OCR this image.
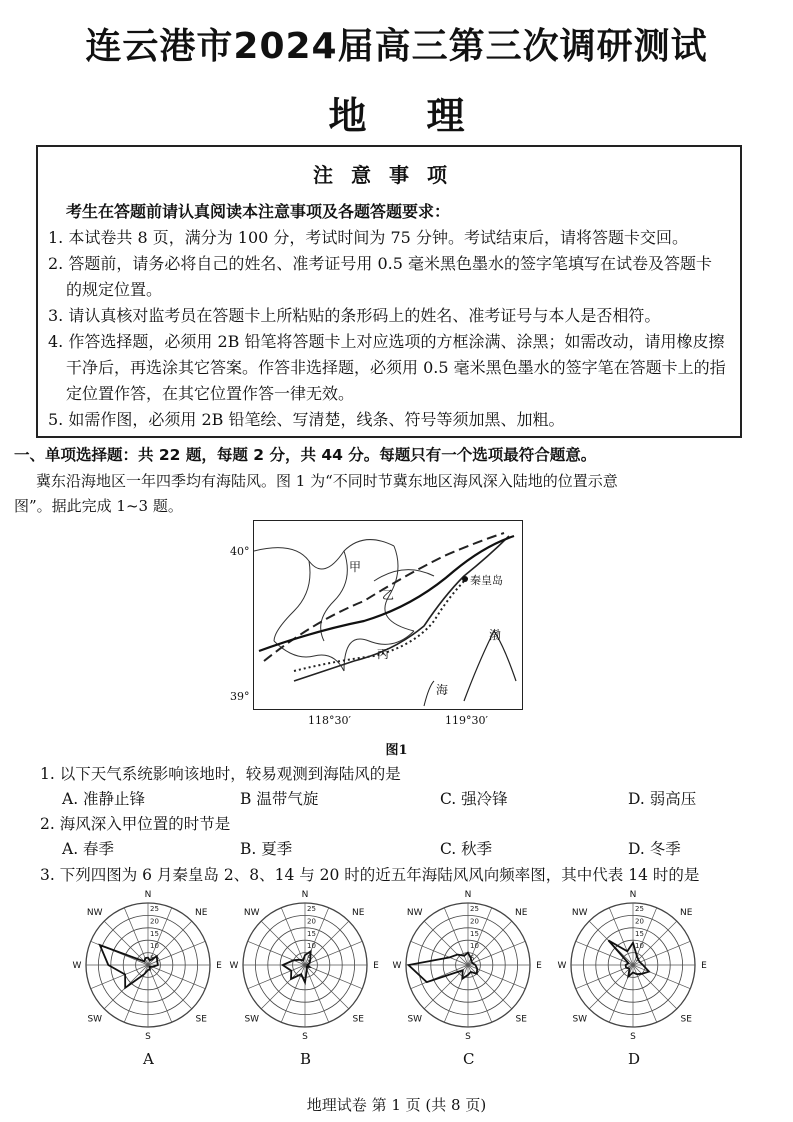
连云港市2024届高三第三次调研测试
地理
注意事项
考生在答题前请认真阅读本注意事项及各题答题要求：
1. 本试卷共 8 页，满分为 100 分，考试时间为 75 分钟。考试结束后，请将答题卡交回。
2. 答题前，请务必将自己的姓名、准考证号用 0.5 毫米黑色墨水的签字笔填写在试卷及答题卡
的规定位置。
3. 请认真核对监考员在答题卡上所粘贴的条形码上的姓名、准考证号与本人是否相符。
4. 作答选择题，必须用 2B 铅笔将答题卡上对应选项的方框涂满、涂黑；如需改动，请用橡皮擦
干净后，再选涂其它答案。作答非选择题，必须用 0.5 毫米黑色墨水的签字笔在答题卡上的指
定位置作答，在其它位置作答一律无效。
5. 如需作图，必须用 2B 铅笔绘、写清楚，线条、符号等须加黑、加粗。
一、单项选择题：共 22 题，每题 2 分，共 44 分。每题只有一个选项最符合题意。
冀东沿海地区一年四季均有海陆风。图 1 为“不同时节冀东地区海风深入陆地的位置示意
图”。据此完成 1~3 题。
40°
39°
118°30′	119°30′
甲
乙
丙
秦皇岛
渤
海
图1
1. 以下天气系统影响该地时，较易观测到海陆风的是
A. 准静止锋	B 温带气旋	C. 强冷锋	D. 弱高压
2. 海风深入甲位置的时节是
A. 春季	B. 夏季	C. 秋季	D. 冬季
3. 下列四图为 6 月秦皇岛 2、8、14 与 20 时的近五年海陆风风向频率图，其中代表 14 时的是
25
20
15
10
5
N
NE
E
SE
S
SW
W
NW
A
25
20
15
10
5
N
NE
E
SE
S
SW
W
NW
B
25
20
15
10
5
N
NE
E
SE
S
SW
W
NW
C
25
20
15
10
5
N
NE
E
SE
S
SW
W
NW
D
地理试卷 第 1 页 (共 8 页)
